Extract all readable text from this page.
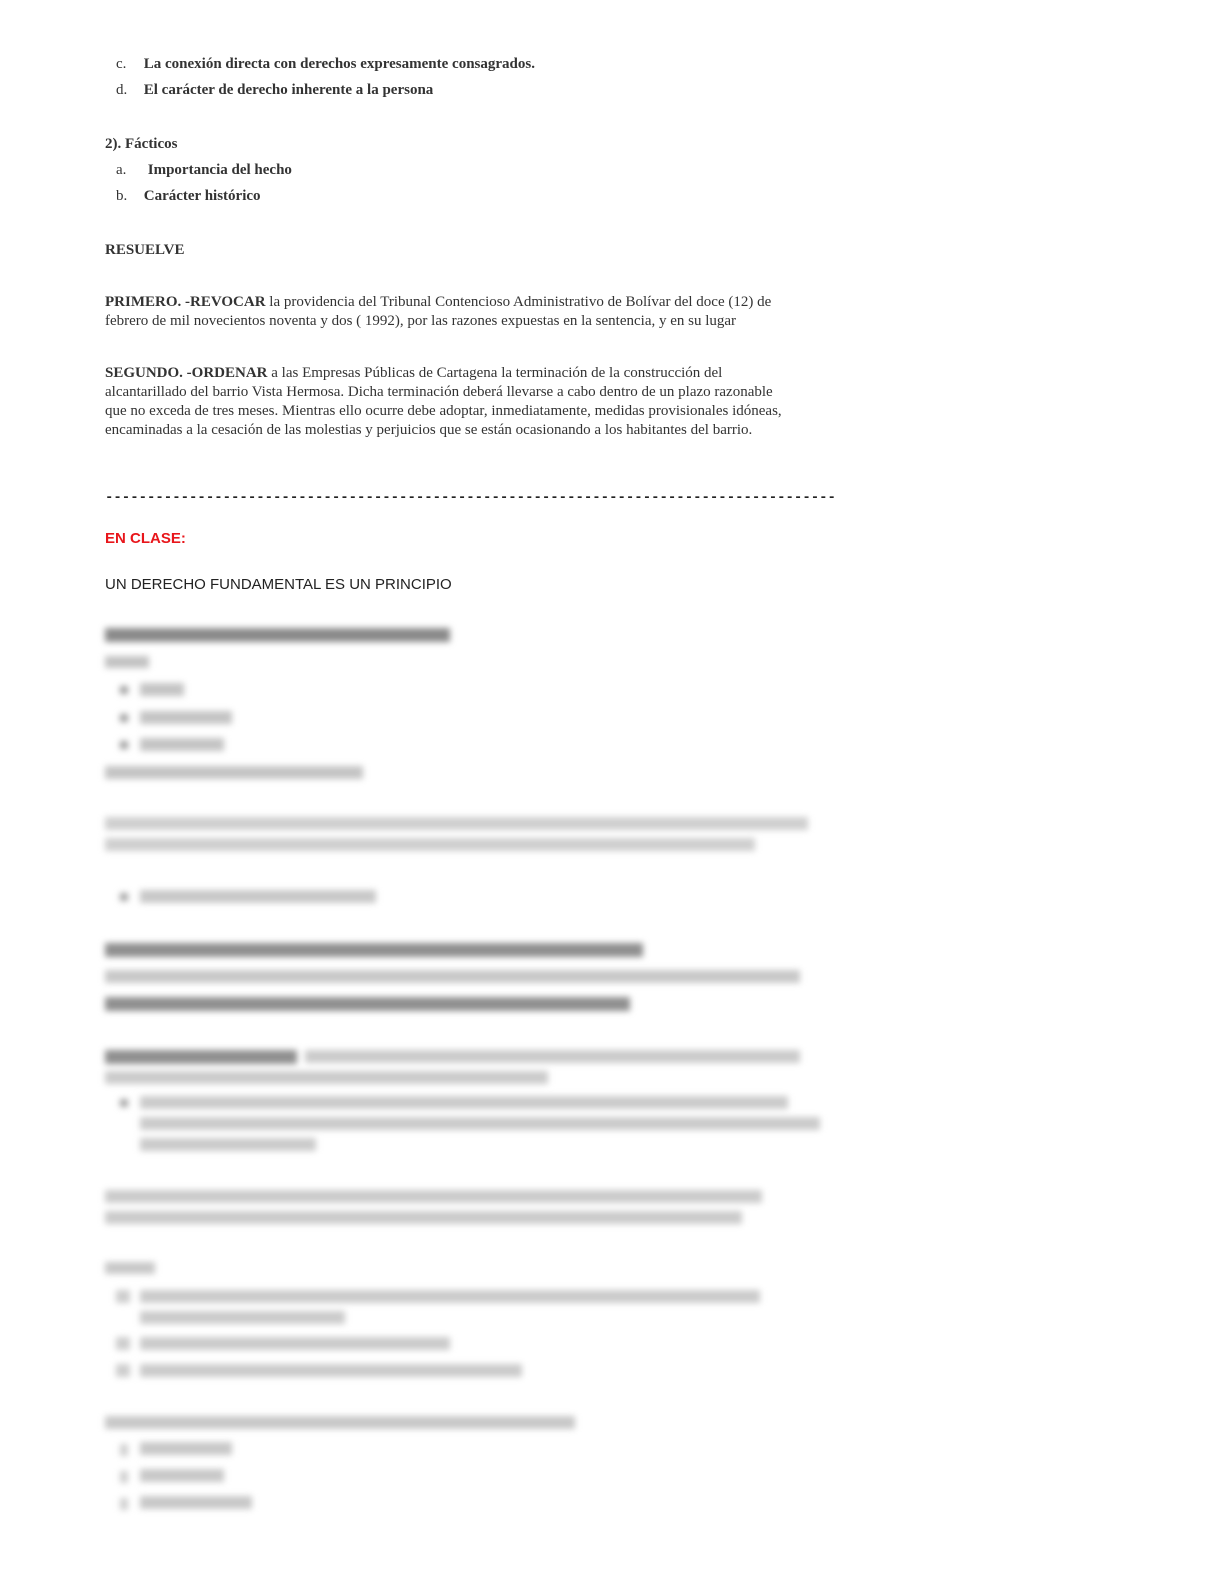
c. La conexión directa con derechos expresamente consagrados.
d. El carácter de derecho inherente a la persona
2). Fácticos
a. Importancia del hecho
b. Carácter histórico
RESUELVE
PRIMERO. -REVOCAR la providencia del Tribunal Contencioso Administrativo de Bolívar del doce (12) de
febrero de mil novecientos noventa y dos ( 1992), por las razones expuestas en la sentencia, y en su lugar
SEGUNDO. -ORDENAR a las Empresas Públicas de Cartagena la terminación de la construcción del
alcantarillado del barrio Vista Hermosa. Dicha terminación deberá llevarse a cabo dentro de un plazo razonable
que no exceda de tres meses. Mientras ello ocurre debe adoptar, inmediatamente, medidas provisionales idóneas,
encaminadas a la cesación de las molestias y perjuicios que se están ocasionando a los habitantes del barrio.
---------------------------------------------------------------------------------------
EN CLASE:
UN DERECHO FUNDAMENTAL ES UN PRINCIPIO
